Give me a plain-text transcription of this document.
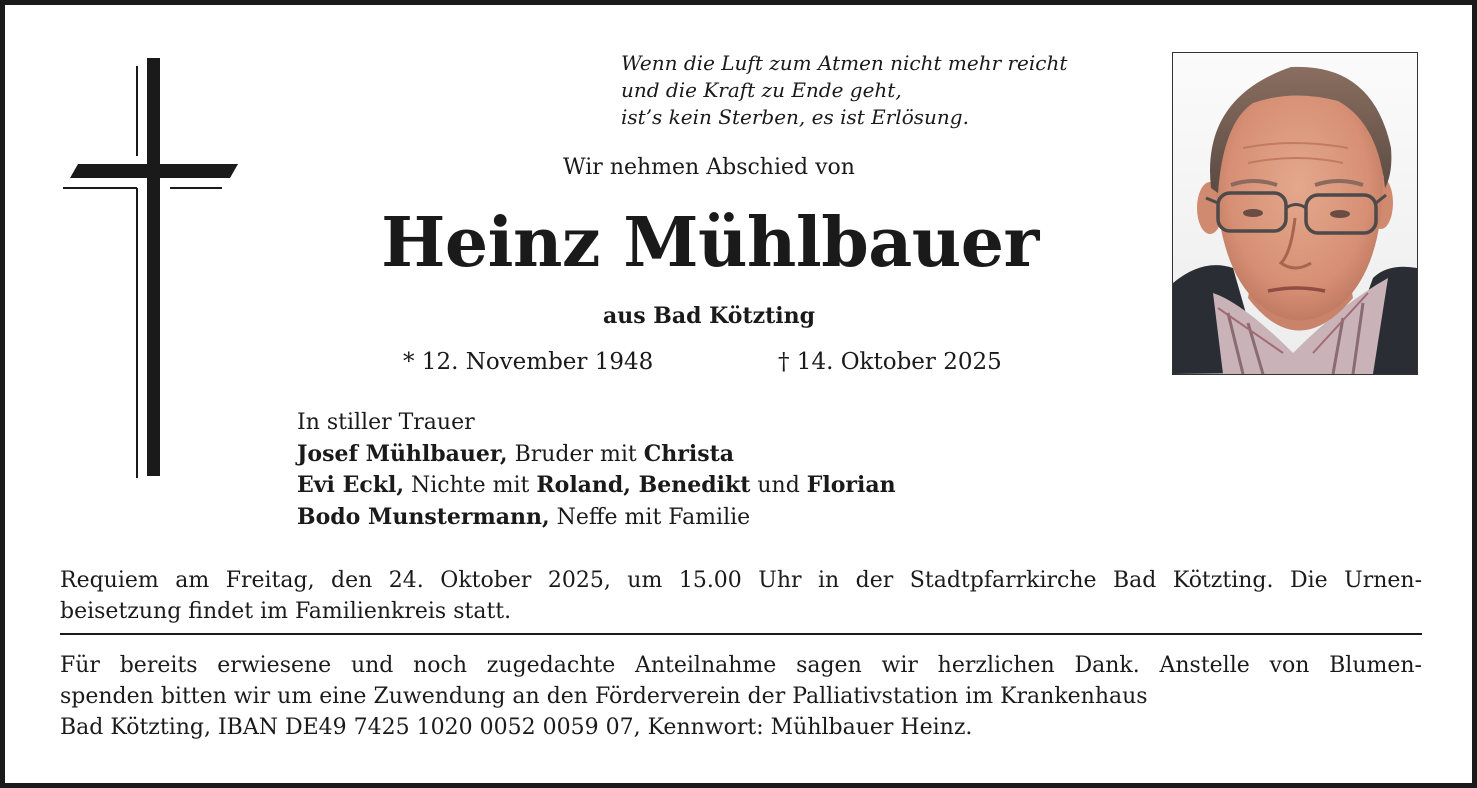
Wenn die Luft zum Atmen nicht mehr reicht
und die Kraft zu Ende geht,
ist’s kein Sterben, es ist Erlösung.
Wir nehmen Abschied von
Heinz Mühlbauer
aus Bad Kötzting
* 12. November 1948	† 14. Oktober 2025
In stiller Trauer
Josef Mühlbauer, Bruder mit Christa
Evi Eckl, Nichte mit Roland, Benedikt und Florian
Bodo Munstermann, Neffe mit Familie
Requiem am Freitag, den 24. Oktober 2025, um 15.00 Uhr in der Stadtpfarrkirche Bad Kötzting. Die Urnen-
beisetzung findet im Familienkreis statt.
Für bereits erwiesene und noch zugedachte Anteilnahme sagen wir herzlichen Dank. Anstelle von Blumen-
spenden bitten wir um eine Zuwendung an den Förderverein der Palliativstation im Krankenhaus
Bad Kötzting, IBAN DE49 7425 1020 0052 0059 07, Kennwort: Mühlbauer Heinz.
